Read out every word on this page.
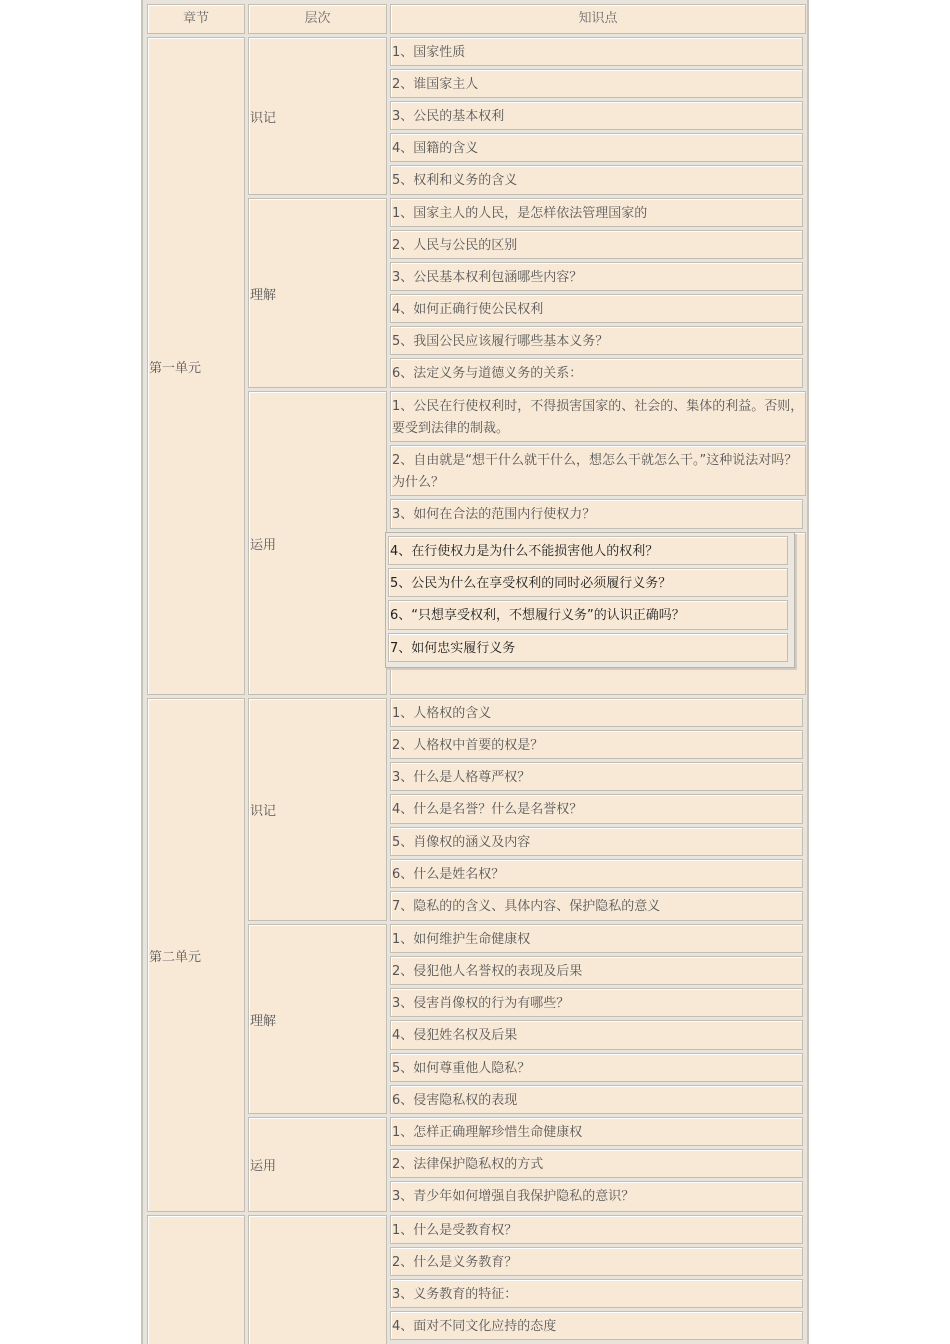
章节	层次	知识点
第一单元
第二单元
识记
理解
运用
识记
理解
运用
1、国家性质
2、谁国家主人
3、公民的基本权利
4、国籍的含义
5、权利和义务的含义
1、国家主人的人民，是怎样依法管理国家的
2、人民与公民的区别
3、公民基本权利包涵哪些内容？
4、如何正确行使公民权利
5、我国公民应该履行哪些基本义务？
6、法定义务与道德义务的关系：
1、公民在行使权利时，不得损害国家的、社会的、集体的利益。否则，要受到法律的制裁。
2、自由就是“想干什么就干什么，想怎么干就怎么干。”这种说法对吗？为什么？
3、如何在合法的范围内行使权力？
1、人格权的含义
2、人格权中首要的权是？
3、什么是人格尊严权？
4、什么是名誉？什么是名誉权？
5、肖像权的涵义及内容
6、什么是姓名权？
7、隐私的的含义、具体内容、保护隐私的意义
1、如何维护生命健康权
2、侵犯他人名誉权的表现及后果
3、侵害肖像权的行为有哪些？
4、侵犯姓名权及后果
5、如何尊重他人隐私？
6、侵害隐私权的表现
1、怎样正确理解珍惜生命健康权
2、法律保护隐私权的方式
3、青少年如何增强自我保护隐私的意识？
1、什么是受教育权？
2、什么是义务教育？
3、义务教育的特征：
4、面对不同文化应持的态度
4、在行使权力是为什么不能损害他人的权利？
5、公民为什么在享受权利的同时必须履行义务？
6、“只想享受权利，不想履行义务”的认识正确吗？
7、如何忠实履行义务
